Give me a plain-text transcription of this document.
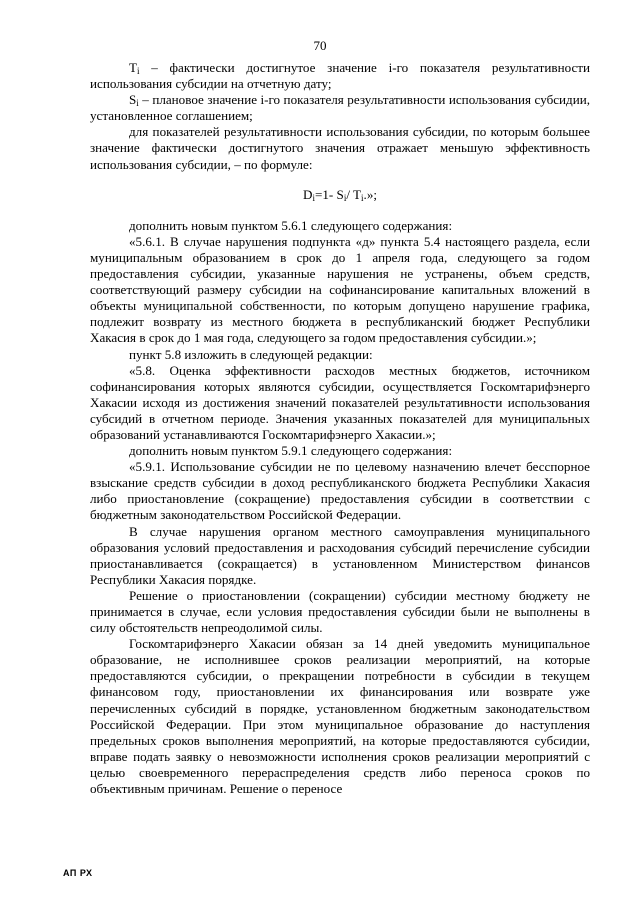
70

$T_i$ – фактически достигнутое значение i-го показателя результативности использования субсидии на отчетную дату;

$S_i$ – плановое значение i-го показателя результативности использования субсидии, установленное соглашением;

для показателей результативности использования субсидии, по которым большее значение фактически достигнутого значения отражает меньшую эффективность использования субсидии, – по формуле:

$D_i=1-$ $S_i/$ $T_i$.»;

дополнить новым пунктом 5.6.1 следующего содержания:

«5.6.1. В случае нарушения подпункта «д» пункта 5.4 настоящего раздела, если муниципальным образованием в срок до 1 апреля года, следующего за годом предоставления субсидии, указанные нарушения не устранены, объем средств, соответствующий размеру субсидии на софинансирование капитальных вложений в объекты муниципальной собственности, по которым допущено нарушение графика, подлежит возврату из местного бюджета в республиканский бюджет Республики Хакасия в срок до 1 мая года, следующего за годом предоставления субсидии.»;

пункт 5.8 изложить в следующей редакции:

«5.8. Оценка эффективности расходов местных бюджетов, источником софинансирования которых являются субсидии, осуществляется Госкомтарифэнерго Хакасии исходя из достижения значений показателей результативности использования субсидий в отчетном периоде. Значения указанных показателей для муниципальных образований устанавливаются Госкомтарифэнерго Хакасии.»;

дополнить новым пунктом 5.9.1 следующего содержания:

«5.9.1. Использование субсидии не по целевому назначению влечет бесспорное взыскание средств субсидии в доход республиканского бюджета Республики Хакасия либо приостановление (сокращение) предоставления субсидии в соответствии с бюджетным законодательством Российской Федерации.

В случае нарушения органом местного самоуправления муниципального образования условий предоставления и расходования субсидий перечисление субсидии приостанавливается (сокращается) в установленном Министерством финансов Республики Хакасия порядке.

Решение о приостановлении (сокращении) субсидии местному бюджету не принимается в случае, если условия предоставления субсидии были не выполнены в силу обстоятельств непреодолимой силы.

Госкомтарифэнерго Хакасии обязан за 14 дней уведомить муниципальное образование, не исполнившее сроков реализации мероприятий, на которые предоставляются субсидии, о прекращении потребности в субсидии в текущем финансовом году, приостановлении их финансирования или возврате уже перечисленных субсидий в порядке, установленном бюджетным законодательством Российской Федерации. При этом муниципальное образование до наступления предельных сроков выполнения мероприятий, на которые предоставляются субсидии, вправе подать заявку о невозможности исполнения сроков реализации мероприятий с целью своевременного перераспределения средств либо переноса сроков по объективным причинам. Решение о переносе

АП РХ
